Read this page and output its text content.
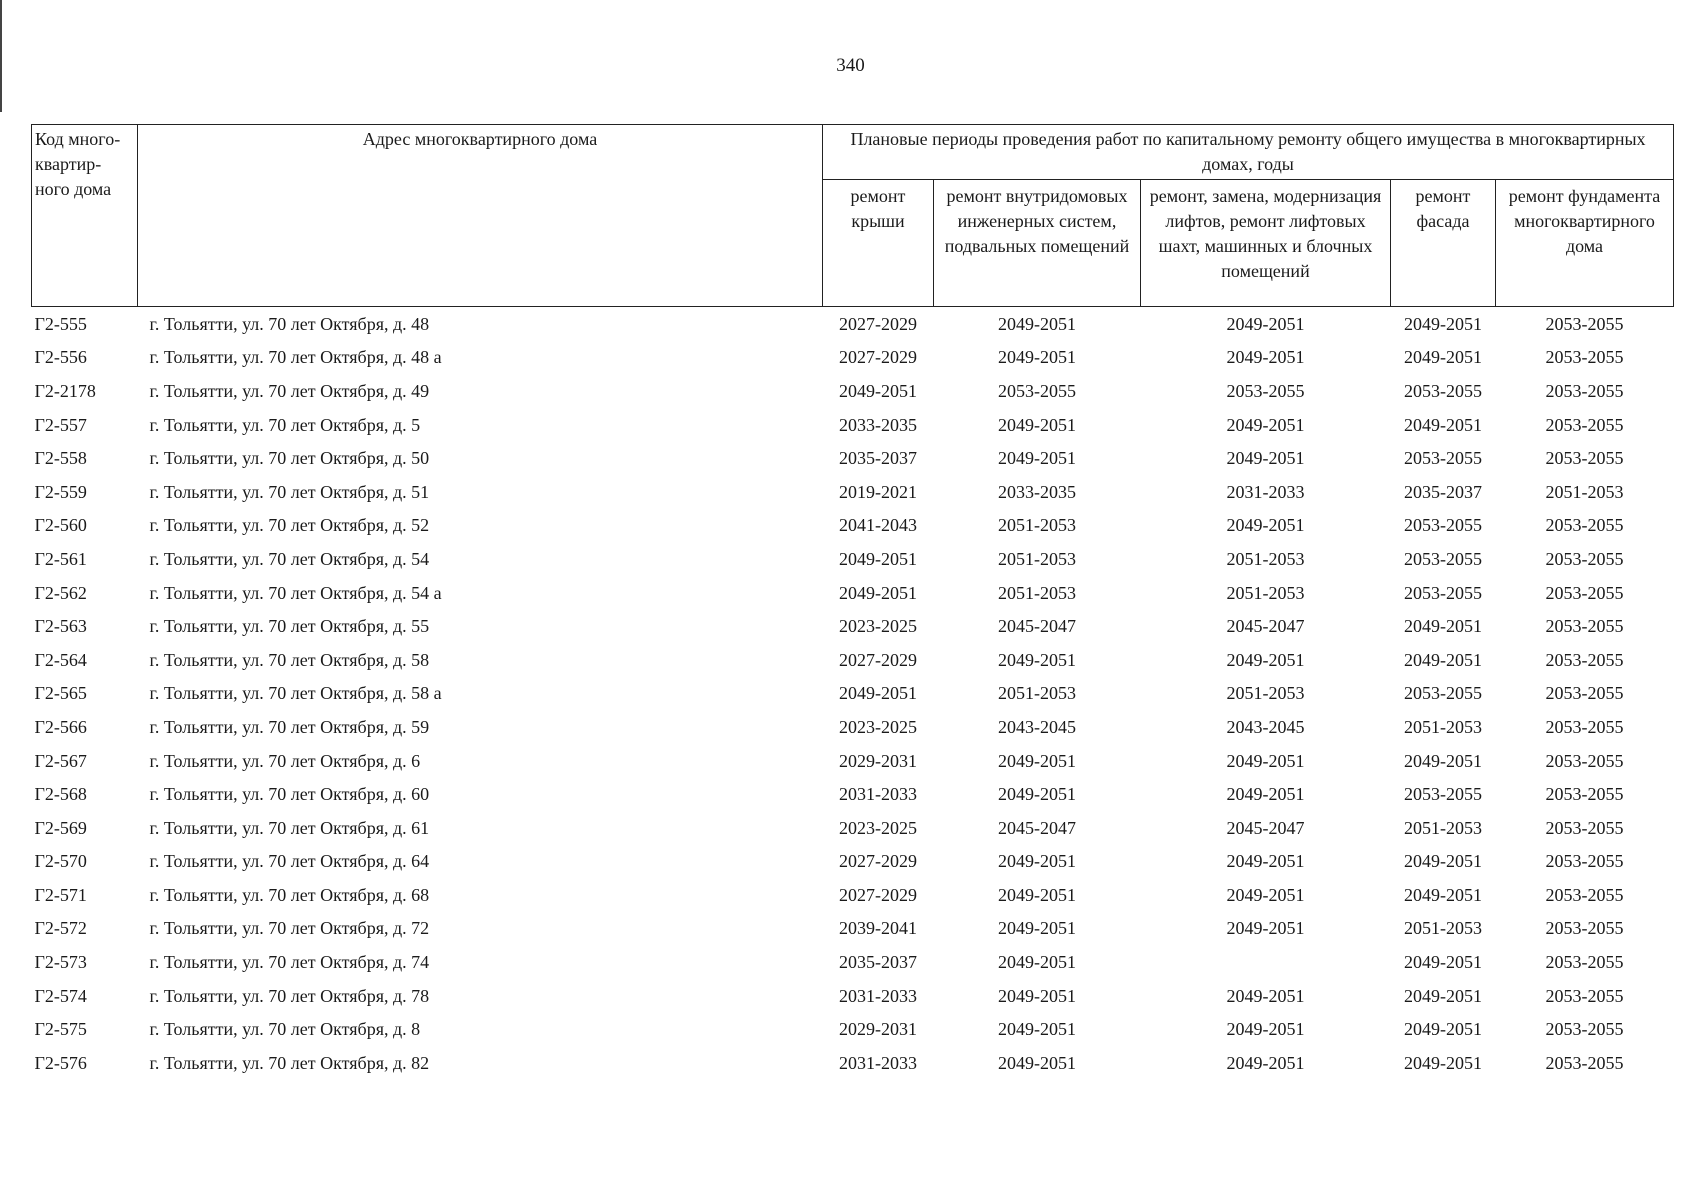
340
Код много-квартир-ного дома	Адрес многоквартирного дома	Плановые периоды проведения работ по капитальному ремонту общего имущества в многоквартирных домах, годы				
		ремонт крыши	ремонт внутридомовых инженерных систем, подвальных помещений	ремонт, замена, модернизация лифтов, ремонт лифтовых шахт, машинных и блочных помещений	ремонт фасада	ремонт фундамента многоквартирного дома
Г2-555	г. Тольятти, ул. 70 лет Октября, д. 48	2027-2029	2049-2051	2049-2051	2049-2051	2053-2055
Г2-556	г. Тольятти, ул. 70 лет Октября, д. 48 а	2027-2029	2049-2051	2049-2051	2049-2051	2053-2055
Г2-2178	г. Тольятти, ул. 70 лет Октября, д. 49	2049-2051	2053-2055	2053-2055	2053-2055	2053-2055
Г2-557	г. Тольятти, ул. 70 лет Октября, д. 5	2033-2035	2049-2051	2049-2051	2049-2051	2053-2055
Г2-558	г. Тольятти, ул. 70 лет Октября, д. 50	2035-2037	2049-2051	2049-2051	2053-2055	2053-2055
Г2-559	г. Тольятти, ул. 70 лет Октября, д. 51	2019-2021	2033-2035	2031-2033	2035-2037	2051-2053
Г2-560	г. Тольятти, ул. 70 лет Октября, д. 52	2041-2043	2051-2053	2049-2051	2053-2055	2053-2055
Г2-561	г. Тольятти, ул. 70 лет Октября, д. 54	2049-2051	2051-2053	2051-2053	2053-2055	2053-2055
Г2-562	г. Тольятти, ул. 70 лет Октября, д. 54 а	2049-2051	2051-2053	2051-2053	2053-2055	2053-2055
Г2-563	г. Тольятти, ул. 70 лет Октября, д. 55	2023-2025	2045-2047	2045-2047	2049-2051	2053-2055
Г2-564	г. Тольятти, ул. 70 лет Октября, д. 58	2027-2029	2049-2051	2049-2051	2049-2051	2053-2055
Г2-565	г. Тольятти, ул. 70 лет Октября, д. 58 а	2049-2051	2051-2053	2051-2053	2053-2055	2053-2055
Г2-566	г. Тольятти, ул. 70 лет Октября, д. 59	2023-2025	2043-2045	2043-2045	2051-2053	2053-2055
Г2-567	г. Тольятти, ул. 70 лет Октября, д. 6	2029-2031	2049-2051	2049-2051	2049-2051	2053-2055
Г2-568	г. Тольятти, ул. 70 лет Октября, д. 60	2031-2033	2049-2051	2049-2051	2053-2055	2053-2055
Г2-569	г. Тольятти, ул. 70 лет Октября, д. 61	2023-2025	2045-2047	2045-2047	2051-2053	2053-2055
Г2-570	г. Тольятти, ул. 70 лет Октября, д. 64	2027-2029	2049-2051	2049-2051	2049-2051	2053-2055
Г2-571	г. Тольятти, ул. 70 лет Октября, д. 68	2027-2029	2049-2051	2049-2051	2049-2051	2053-2055
Г2-572	г. Тольятти, ул. 70 лет Октября, д. 72	2039-2041	2049-2051	2049-2051	2051-2053	2053-2055
Г2-573	г. Тольятти, ул. 70 лет Октября, д. 74	2035-2037	2049-2051		2049-2051	2053-2055
Г2-574	г. Тольятти, ул. 70 лет Октября, д. 78	2031-2033	2049-2051	2049-2051	2049-2051	2053-2055
Г2-575	г. Тольятти, ул. 70 лет Октября, д. 8	2029-2031	2049-2051	2049-2051	2049-2051	2053-2055
Г2-576	г. Тольятти, ул. 70 лет Октября, д. 82	2031-2033	2049-2051	2049-2051	2049-2051	2053-2055
